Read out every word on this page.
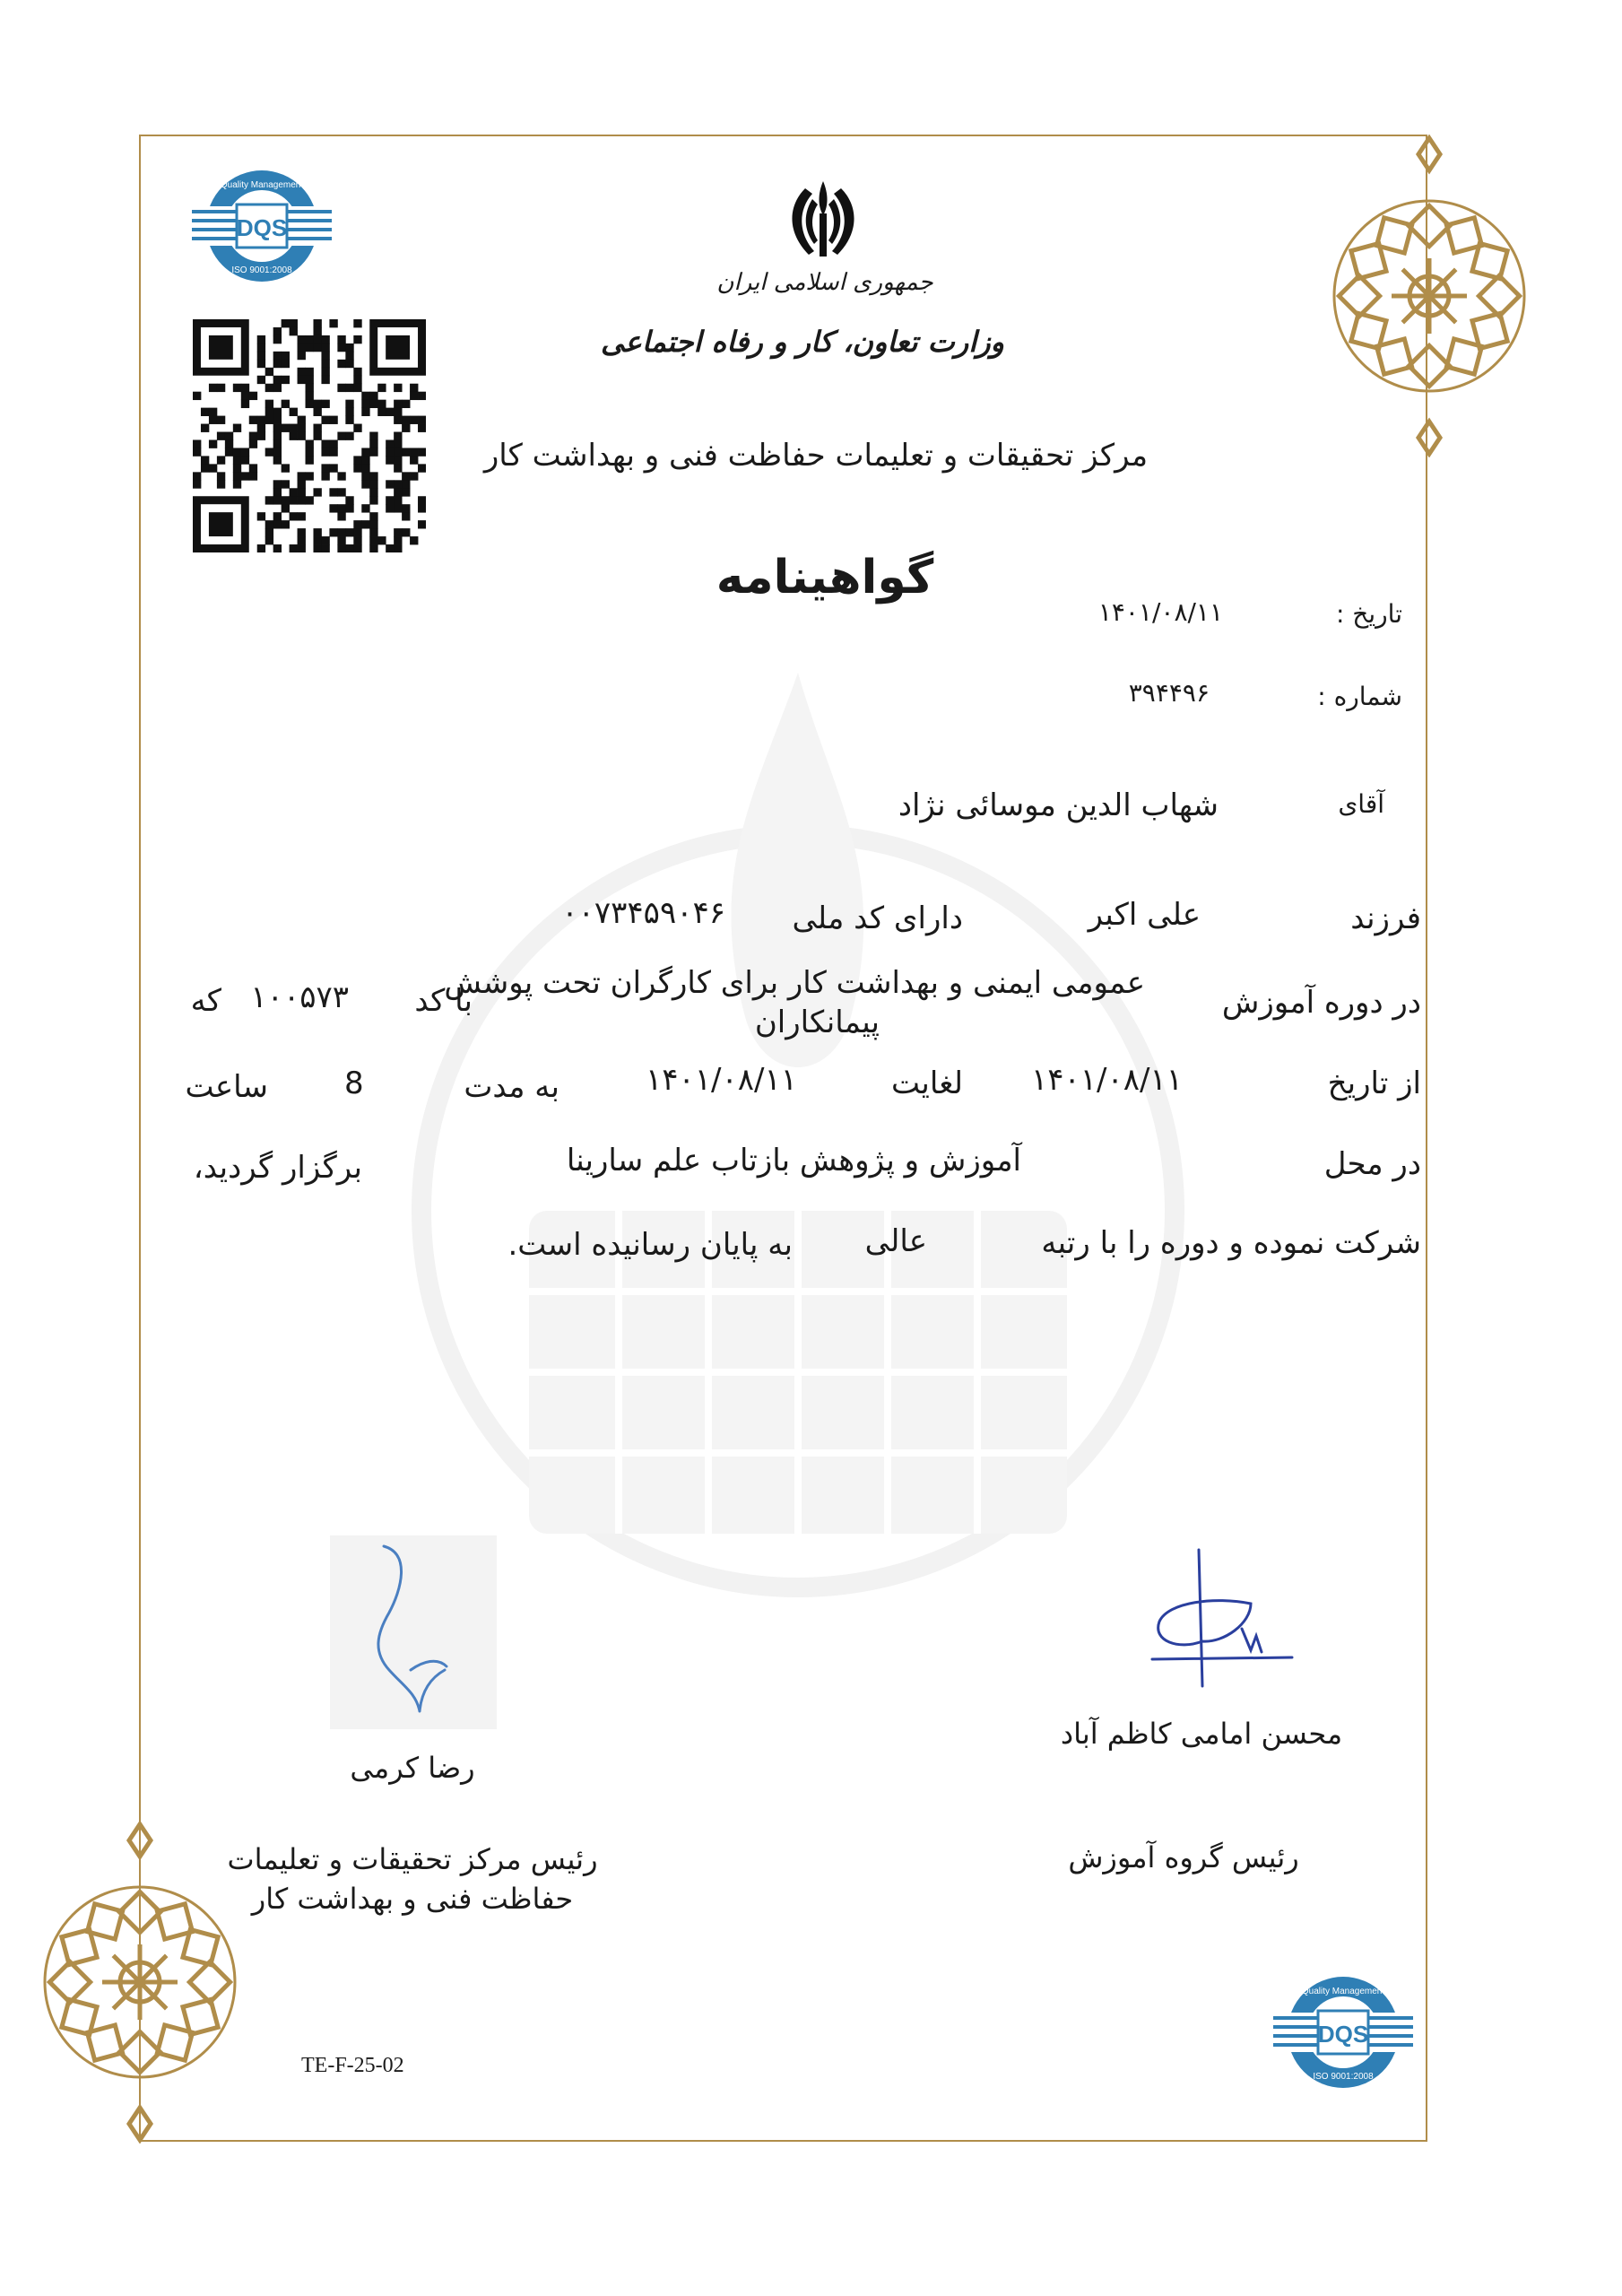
DQS
Quality Management
ISO 9001:2008	جمهوری اسلامی ایران
وزارت تعاون، کار و رفاه اجتماعی
مرکز تحقیقات و تعلیمات حفاظت فنی و بهداشت کار
گواهینامه
تاریخ :
۱۴۰۱/۰۸/۱۱
شماره :
۳۹۴۴۹۶
آقای
شهاب الدین موسائی نژاد
فرزند
علی اکبر
دارای کد ملی
۰۰۷۳۴۵۹۰۴۶
در دوره آموزش
عمومی ایمنی و بهداشت کار برای کارگران تحت پوشش
پیمانکاران
با کد
۱۰۰۵۷۳
که
از تاریخ
۱۴۰۱/۰۸/۱۱
لغایت
۱۴۰۱/۰۸/۱۱
به مدت
8
ساعت
در محل
آموزش و پژوهش بازتاب علم سارینا
برگزار گردید،
شرکت نموده و دوره را با رتبه
عالی
به پایان رسانیده است.
رضا کرمی
رئیس مرکز تحقیقات و تعلیمات
حفاظت فنی و بهداشت کار
محسن امامی کاظم آباد
رئیس گروه آموزش
TE-F-25-02
DQS
Quality Management
ISO 9001:2008
